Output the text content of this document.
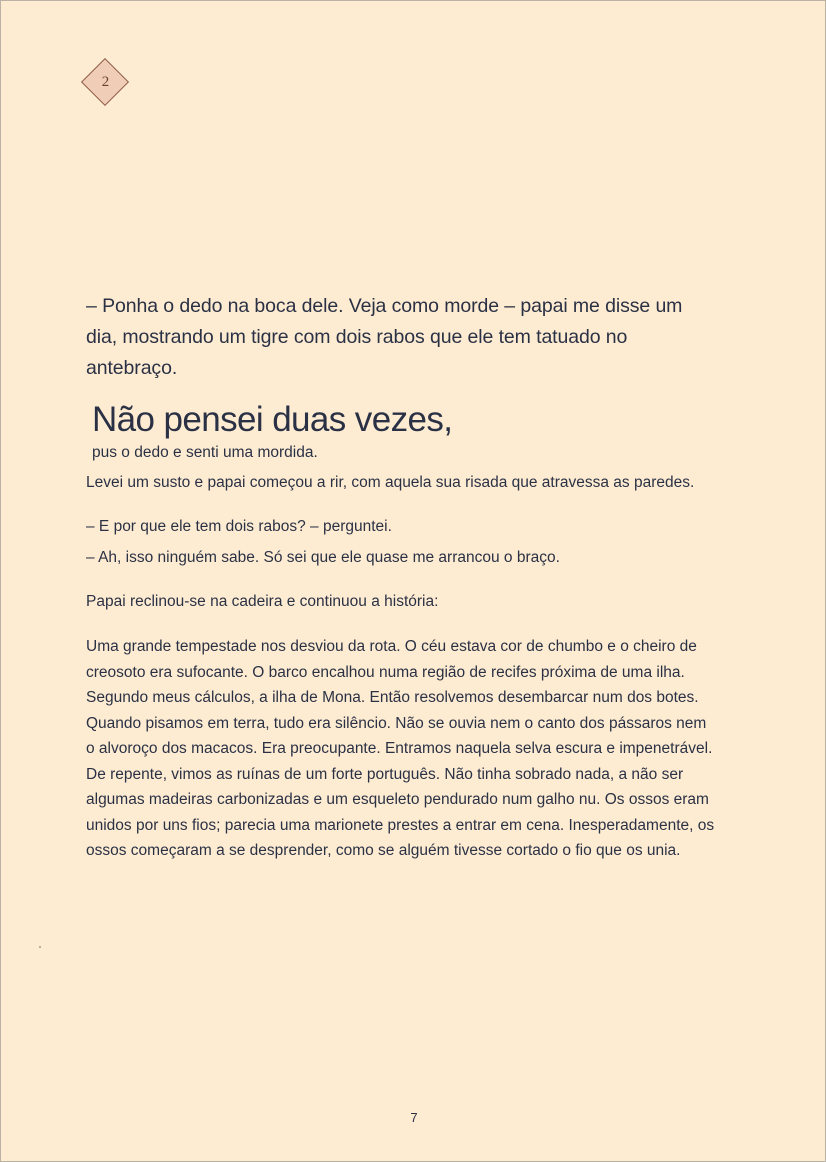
2

– Ponha o dedo na boca dele. Veja como morde – papai me disse um dia, mostrando um tigre com dois rabos que ele tem tatuado no antebraço.

Não pensei duas vezes,

pus o dedo e senti uma mordida.

Levei um susto e papai começou a rir, com aquela sua risada que atravessa as paredes.

– E por que ele tem dois rabos? – perguntei.

– Ah, isso ninguém sabe. Só sei que ele quase me arrancou o braço.

Papai reclinou-se na cadeira e continuou a história:

Uma grande tempestade nos desviou da rota. O céu estava cor de chumbo e o cheiro de creosoto era sufocante. O barco encalhou numa região de recifes próxima de uma ilha. Segundo meus cálculos, a ilha de Mona. Então resolvemos desembarcar num dos botes. Quando pisamos em terra, tudo era silêncio. Não se ouvia nem o canto dos pássaros nem o alvoroço dos macacos. Era preocupante. Entramos naquela selva escura e impenetrável. De repente, vimos as ruínas de um forte português. Não tinha sobrado nada, a não ser algumas madeiras carbonizadas e um esqueleto pendurado num galho nu. Os ossos eram unidos por uns fios; parecia uma marionete prestes a entrar em cena. Inesperadamente, os ossos começaram a se desprender, como se alguém tivesse cortado o fio que os unia.

7
